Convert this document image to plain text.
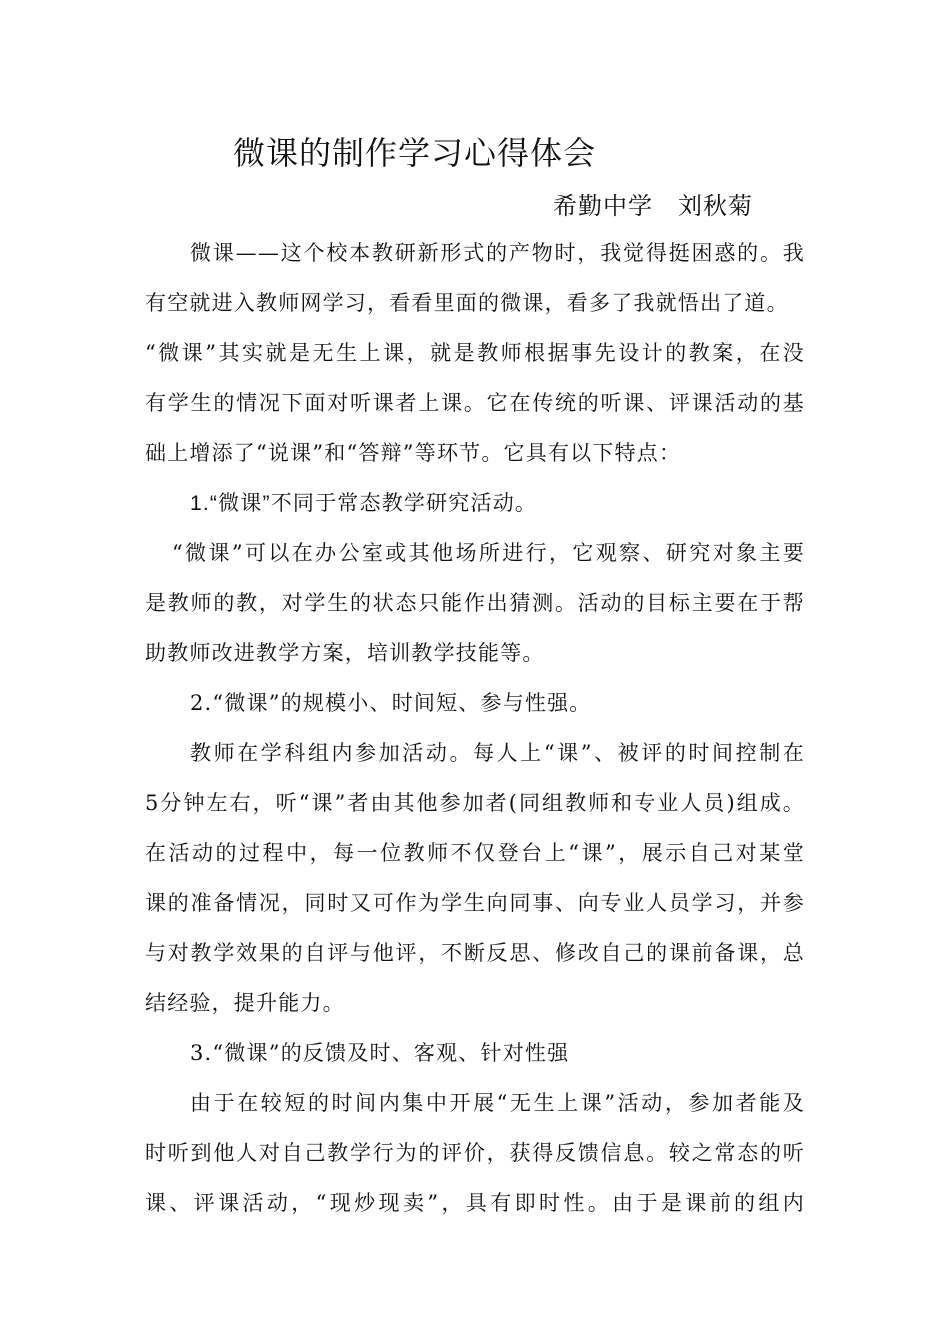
微课的制作学习心得体会
希勤中学　刘秋菊
微课——这个校本教研新形式的产物时，我觉得挺困惑的。我
有空就进入教师网学习，看看里面的微课，看多了我就悟出了道。
“微课”其实就是无生上课，就是教师根据事先设计的教案，在没
有学生的情况下面对听课者上课。它在传统的听课、评课活动的基
础上增添了“说课”和“答辩”等环节。它具有以下特点：
1.“微课”不同于常态教学研究活动。
“微课”可以在办公室或其他场所进行，它观察、研究对象主要
是教师的教，对学生的状态只能作出猜测。活动的目标主要在于帮
助教师改进教学方案，培训教学技能等。
2.“微课”的规模小、时间短、参与性强。
教师在学科组内参加活动。每人上“课”、被评的时间控制在
5分钟左右，听“课”者由其他参加者(同组教师和专业人员)组成。
在活动的过程中，每一位教师不仅登台上“课”，展示自己对某堂
课的准备情况，同时又可作为学生向同事、向专业人员学习，并参
与对教学效果的自评与他评，不断反思、修改自己的课前备课，总
结经验，提升能力。
3.“微课”的反馈及时、客观、针对性强
由于在较短的时间内集中开展“无生上课”活动，参加者能及
时听到他人对自己教学行为的评价，获得反馈信息。较之常态的听
课、评课活动，“现炒现卖”，具有即时性。由于是课前的组内
